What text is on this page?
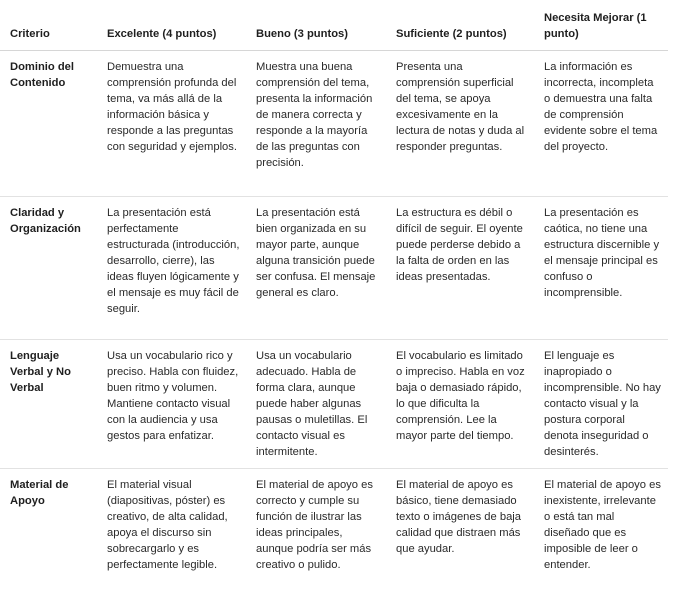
Criterio	Excelente (4 puntos)	Bueno (3 puntos)	Suficiente (2 puntos)	Necesita Mejorar (1 punto)
Dominio del Contenido	Demuestra una comprensión profunda del tema, va más allá de la información básica y responde a las preguntas con seguridad y ejemplos.	Muestra una buena comprensión del tema, presenta la información de manera correcta y responde a la mayoría de las preguntas con precisión.	Presenta una comprensión superficial del tema, se apoya excesivamente en la lectura de notas y duda al responder preguntas.	La información es incorrecta, incompleta o demuestra una falta de comprensión evidente sobre el tema del proyecto.
Claridad y Organización	La presentación está perfectamente estructurada (introducción, desarrollo, cierre), las ideas fluyen lógicamente y el mensaje es muy fácil de seguir.	La presentación está bien organizada en su mayor parte, aunque alguna transición puede ser confusa. El mensaje general es claro.	La estructura es débil o difícil de seguir. El oyente puede perderse debido a la falta de orden en las ideas presentadas.	La presentación es caótica, no tiene una estructura discernible y el mensaje principal es confuso o incomprensible.
Lenguaje Verbal y No Verbal	Usa un vocabulario rico y preciso. Habla con fluidez, buen ritmo y volumen. Mantiene contacto visual con la audiencia y usa gestos para enfatizar.	Usa un vocabulario adecuado. Habla de forma clara, aunque puede haber algunas pausas o muletillas. El contacto visual es intermitente.	El vocabulario es limitado o impreciso. Habla en voz baja o demasiado rápido, lo que dificulta la comprensión. Lee la mayor parte del tiempo.	El lenguaje es inapropiado o incomprensible. No hay contacto visual y la postura corporal denota inseguridad o desinterés.
Material de Apoyo	El material visual (diapositivas, póster) es creativo, de alta calidad, apoya el discurso sin sobrecargarlo y es perfectamente legible.	El material de apoyo es correcto y cumple su función de ilustrar las ideas principales, aunque podría ser más creativo o pulido.	El material de apoyo es básico, tiene demasiado texto o imágenes de baja calidad que distraen más que ayudar.	El material de apoyo es inexistente, irrelevante o está tan mal diseñado que es imposible de leer o entender.
